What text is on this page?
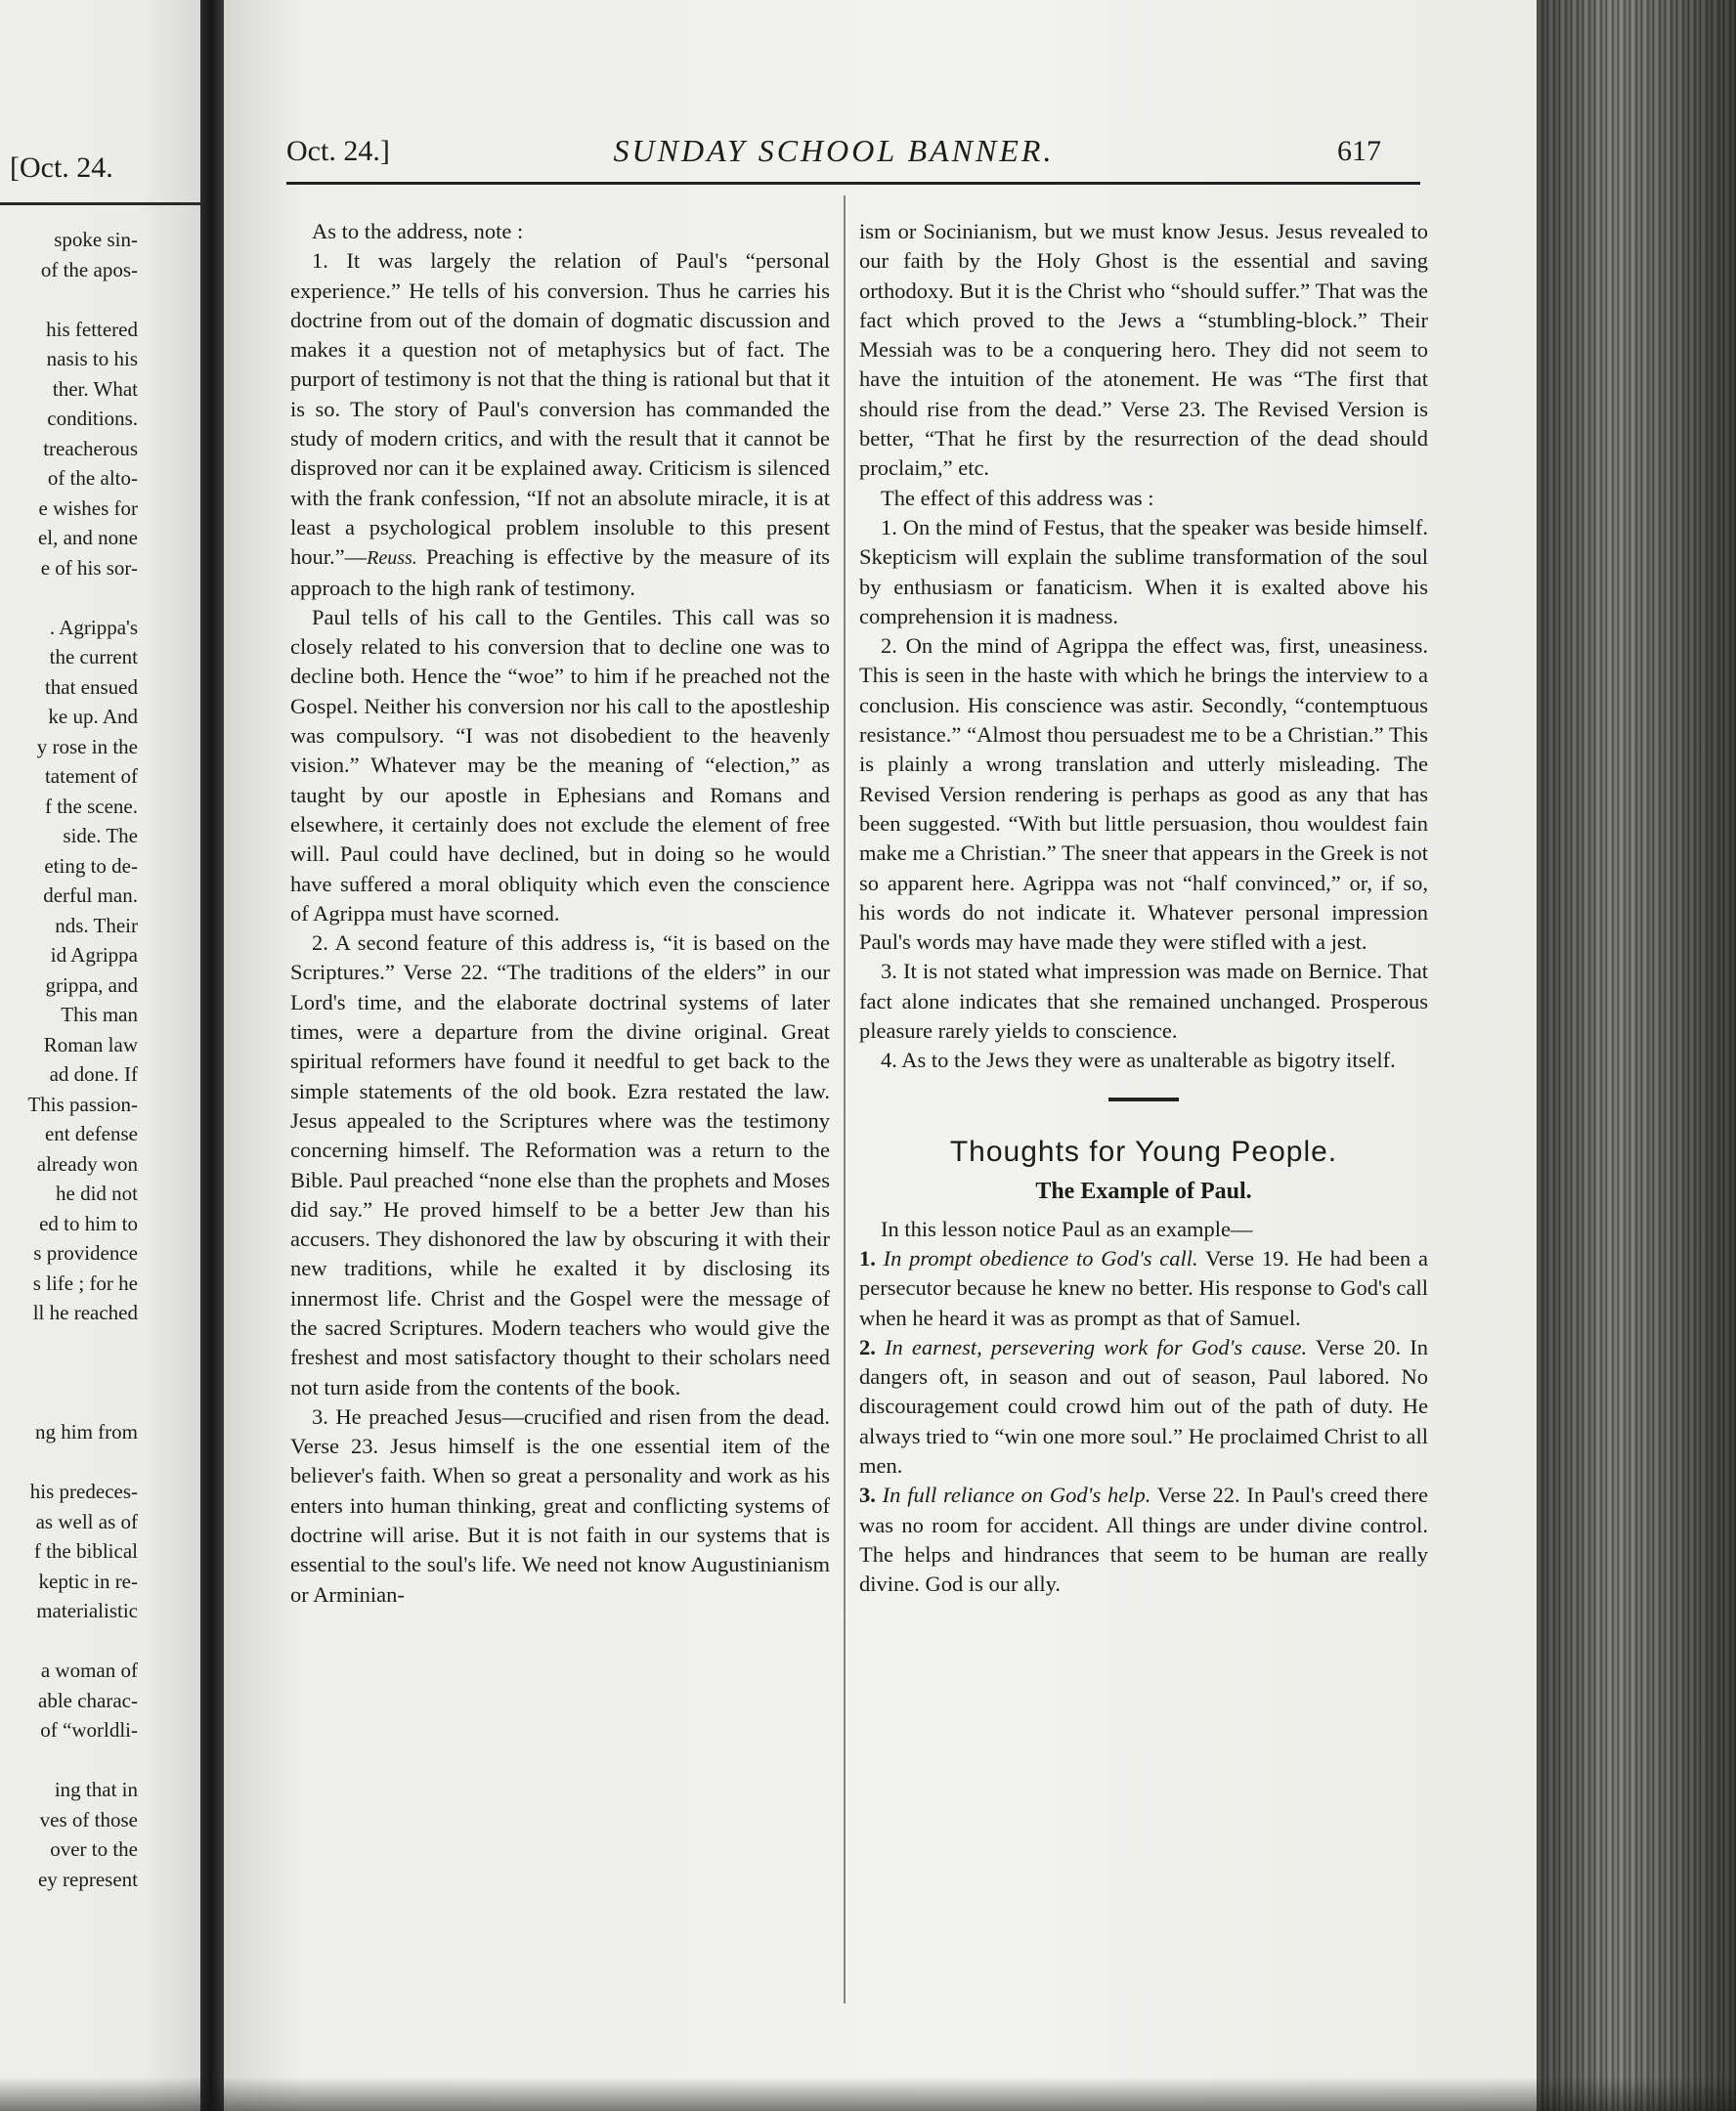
[Oct. 24.
spoke sin-
of the apos-
his fettered
nasis to his
ther. What
conditions.
treacherous
of the alto-
e wishes for
el, and none
e of his sor-
. Agrippa's
the current
that ensued
ke up. And
y rose in the
tatement of
f the scene.
side. The
eting to de-
derful man.
nds. Their
id Agrippa
grippa, and
This man
Roman law
ad done. If
This passion-
ent defense
already won
he did not
ed to him to
s providence
s life ; for he
ll he reached
ng him from
his predeces-
as well as of
f the biblical
keptic in re-
materialistic
a woman of
able charac-
of “worldli-
ing that in
ves of those
over to the
ey represent
Oct. 24.]	SUNDAY SCHOOL BANNER.	617

As to the address, note :

1. It was largely the relation of Paul's “personal experience.” He tells of his conversion. Thus he carries his doctrine from out of the domain of dogmatic discussion and makes it a question not of metaphysics but of fact. The purport of testimony is not that the thing is rational but that it is so. The story of Paul's conversion has commanded the study of modern critics, and with the result that it cannot be disproved nor can it be explained away. Criticism is silenced with the frank confession, “If not an absolute miracle, it is at least a psychological problem insoluble to this present hour.”—Reuss. Preaching is effective by the measure of its approach to the high rank of testimony.

Paul tells of his call to the Gentiles. This call was so closely related to his conversion that to decline one was to decline both. Hence the “woe” to him if he preached not the Gospel. Neither his conversion nor his call to the apostleship was compulsory. “I was not disobedient to the heavenly vision.” Whatever may be the meaning of “election,” as taught by our apostle in Ephesians and Romans and elsewhere, it certainly does not exclude the element of free will. Paul could have declined, but in doing so he would have suffered a moral obliquity which even the conscience of Agrippa must have scorned.

2. A second feature of this address is, “it is based on the Scriptures.” Verse 22. “The traditions of the elders” in our Lord's time, and the elaborate doctrinal systems of later times, were a departure from the divine original. Great spiritual reformers have found it needful to get back to the simple statements of the old book. Ezra restated the law. Jesus appealed to the Scriptures where was the testimony concerning himself. The Reformation was a return to the Bible. Paul preached “none else than the prophets and Moses did say.” He proved himself to be a better Jew than his accusers. They dishonored the law by obscuring it with their new traditions, while he exalted it by disclosing its innermost life. Christ and the Gospel were the message of the sacred Scriptures. Modern teachers who would give the freshest and most satisfactory thought to their scholars need not turn aside from the contents of the book.

3. He preached Jesus—crucified and risen from the dead. Verse 23. Jesus himself is the one essential item of the believer's faith. When so great a personality and work as his enters into human thinking, great and conflicting systems of doctrine will arise. But it is not faith in our systems that is essential to the soul's life. We need not know Augustinianism or Arminian-

ism or Socinianism, but we must know Jesus. Jesus revealed to our faith by the Holy Ghost is the essential and saving orthodoxy. But it is the Christ who “should suffer.” That was the fact which proved to the Jews a “stumbling-block.” Their Messiah was to be a conquering hero. They did not seem to have the intuition of the atonement. He was “The first that should rise from the dead.” Verse 23. The Revised Version is better, “That he first by the resurrection of the dead should proclaim,” etc.

The effect of this address was :

1. On the mind of Festus, that the speaker was beside himself. Skepticism will explain the sublime transformation of the soul by enthusiasm or fanaticism. When it is exalted above his comprehension it is madness.

2. On the mind of Agrippa the effect was, first, uneasiness. This is seen in the haste with which he brings the interview to a conclusion. His conscience was astir. Secondly, “contemptuous resistance.” “Almost thou persuadest me to be a Christian.” This is plainly a wrong translation and utterly misleading. The Revised Version rendering is perhaps as good as any that has been suggested. “With but little persuasion, thou wouldest fain make me a Christian.” The sneer that appears in the Greek is not so apparent here. Agrippa was not “half convinced,” or, if so, his words do not indicate it. Whatever personal impression Paul's words may have made they were stifled with a jest.

3. It is not stated what impression was made on Bernice. That fact alone indicates that she remained unchanged. Prosperous pleasure rarely yields to conscience.

4. As to the Jews they were as unalterable as bigotry itself.

Thoughts for Young People.
The Example of Paul.

In this lesson notice Paul as an example—

1. In prompt obedience to God's call. Verse 19. He had been a persecutor because he knew no better. His response to God's call when he heard it was as prompt as that of Samuel.

2. In earnest, persevering work for God's cause. Verse 20. In dangers oft, in season and out of season, Paul labored. No discouragement could crowd him out of the path of duty. He always tried to “win one more soul.” He proclaimed Christ to all men.

3. In full reliance on God's help. Verse 22. In Paul's creed there was no room for accident. All things are under divine control. The helps and hindrances that seem to be human are really divine. God is our ally.
